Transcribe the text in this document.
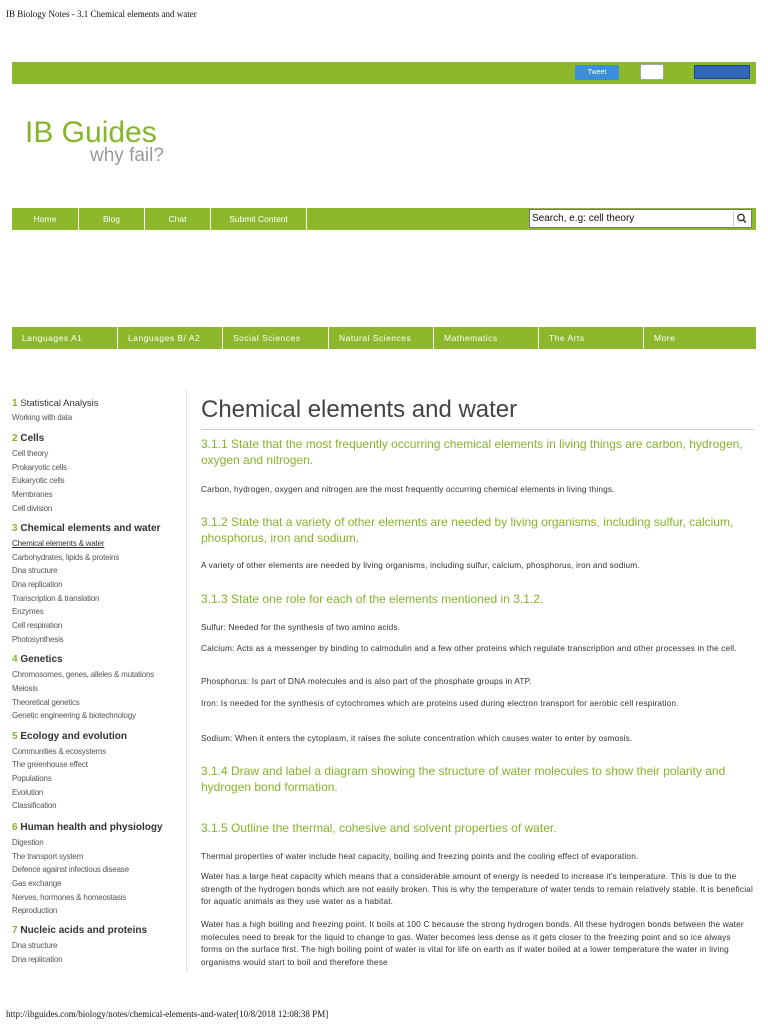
IB Biology Notes - 3.1 Chemical elements and water
Tweet
IB Guides
why fail?
Home	Blog	Chat	Submit Content
Search, e.g: cell theory
Languages A1	Languages B/ A2	Social Sciences	Natural Sciences	Mathematics	The Arts	More
1 Statistical Analysis
Working with data
2 Cells
Cell theory
Prokaryotic cells
Eukaryotic cells
Membranes
Cell division
3 Chemical elements and water
Chemical elements & water
Carbohydrates, lipids & proteins
Dna structure
Dna replication
Transcription & translation
Enzymes
Cell respiration
Photosynthesis
4 Genetics
Chromosomes, genes, alleles & mutations
Meiosis
Theoretical genetics
Genetic engineering & biotechnology
5 Ecology and evolution
Communities & ecosystems
The greenhouse effect
Populations
Evolution
Classification
6 Human health and physiology
Digestion
The transport system
Defence against infectious disease
Gas exchange
Nerves, hormones & homeostasis
Reproduction
7 Nucleic acids and proteins
Dna structure
Dna replication
Chemical elements and water
3.1.1 State that the most frequently occurring chemical elements in living things are carbon, hydrogen, oxygen and nitrogen.
Carbon, hydrogen, oxygen and nitrogen are the most frequently occurring chemical elements in living things.
3.1.2 State that a variety of other elements are needed by living organisms, including sulfur, calcium, phosphorus, iron and sodium.
A variety of other elements are needed by living organisms, including sulfur, calcium, phosphorus, iron and sodium.
3.1.3 State one role for each of the elements mentioned in 3.1.2.
Sulfur: Needed for the synthesis of two amino acids.
Calcium: Acts as a messenger by binding to calmodulin and a few other proteins which regulate transcription and other processes in the cell.
Phosphorus: Is part of DNA molecules and is also part of the phosphate groups in ATP.
Iron: Is needed for the synthesis of cytochromes which are proteins used during electron transport for aerobic cell respiration.
Sodium: When it enters the cytoplasm, it raises the solute concentration which causes water to enter by osmosis.
3.1.4 Draw and label a diagram showing the structure of water molecules to show their polarity and hydrogen bond formation.
3.1.5 Outline the thermal, cohesive and solvent properties of water.
Thermal properties of water include heat capacity, boiling and freezing points and the cooling effect of evaporation.
Water has a large heat capacity which means that a considerable amount of energy is needed to increase it’s temperature. This is due to the strength of the hydrogen bonds which are not easily broken. This is why the temperature of water tends to remain relatively stable. It is beneficial for aquatic animals as they use water as a habitat.
Water has a high boiling and freezing point. It boils at 100 C because the strong hydrogen bonds. All these hydrogen bonds between the water molecules need to break for the liquid to change to gas. Water becomes less dense as it gets closer to the freezing point and so ice always forms on the surface first. The high boiling point of water is vital for life on earth as if water boiled at a lower temperature the water in living organisms would start to boil and therefore these
http://ibguides.com/biology/notes/chemical-elements-and-water[10/8/2018 12:08:38 PM]
